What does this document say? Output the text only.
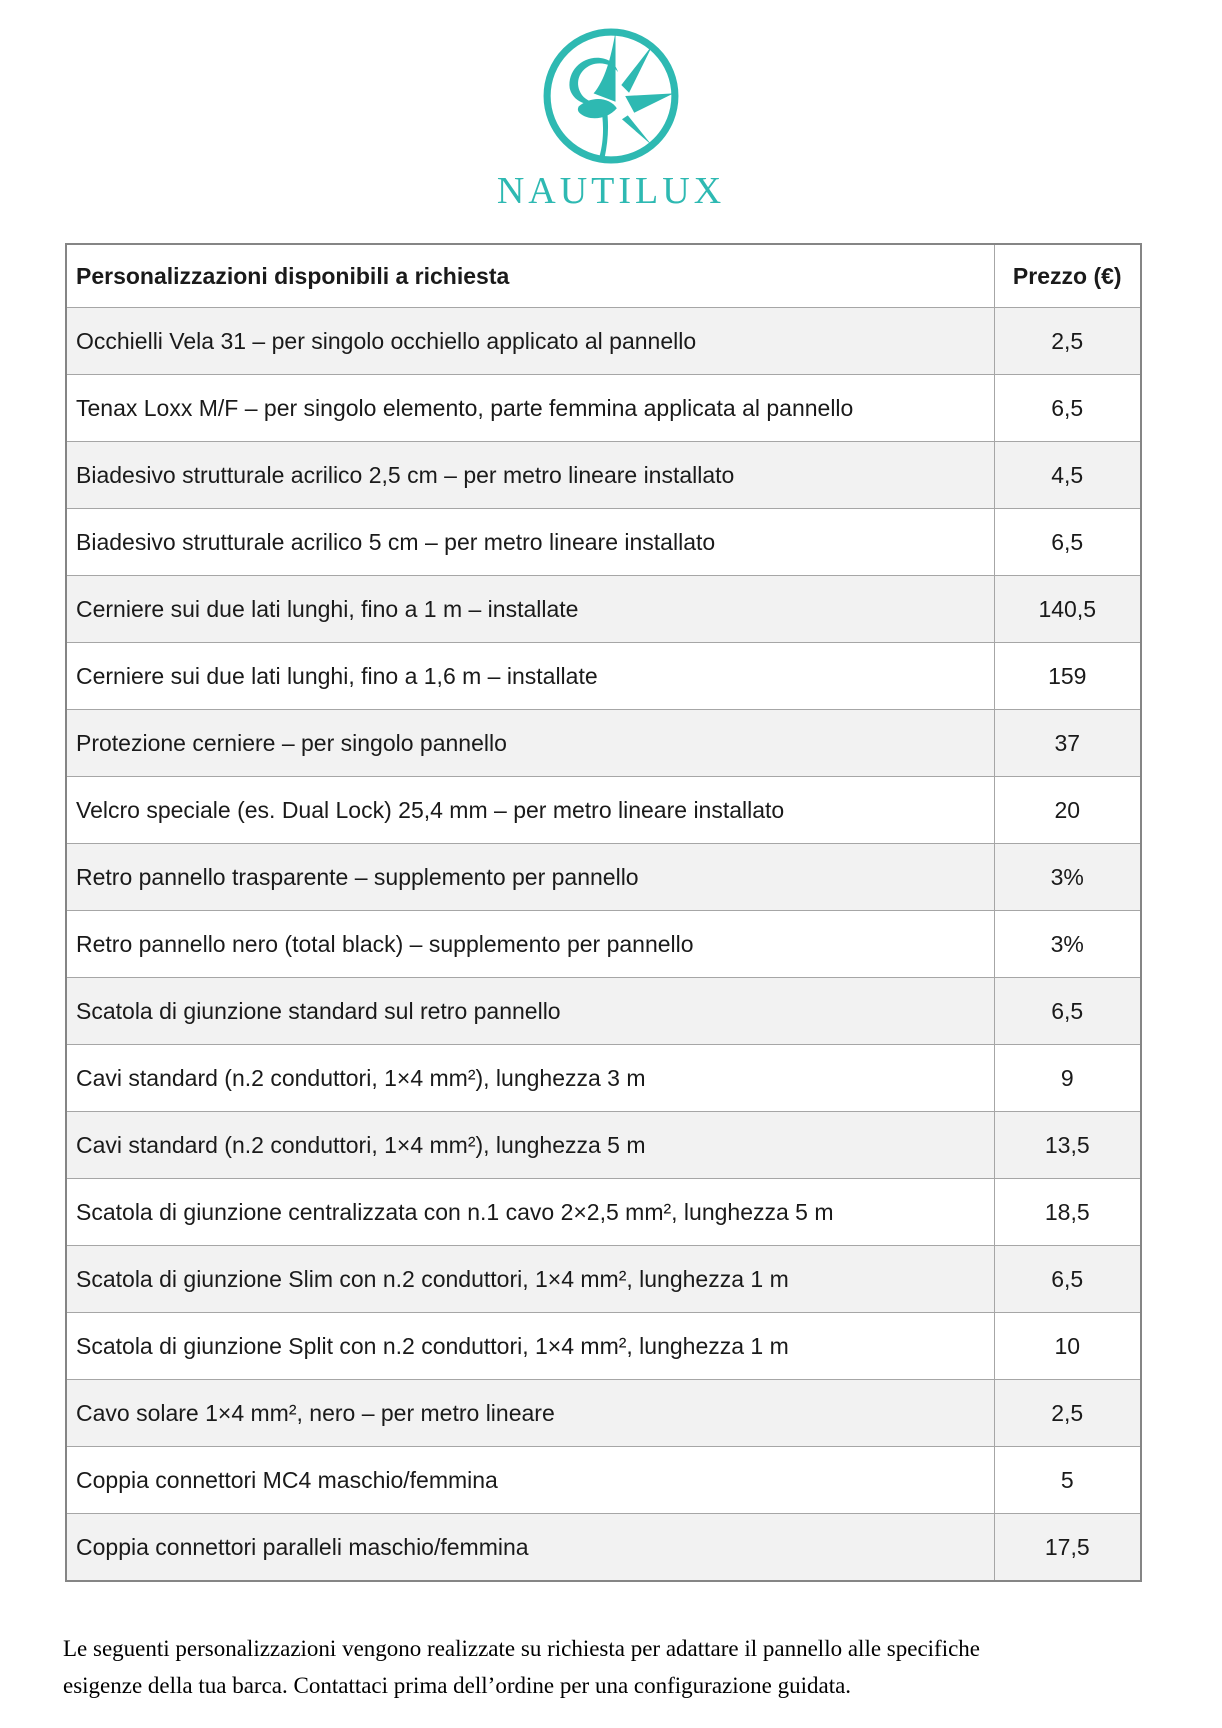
NAUTILUX
Personalizzazioni disponibili a richiesta	Prezzo (€)
Occhielli Vela 31 – per singolo occhiello applicato al pannello	2,5
Tenax Loxx M/F – per singolo elemento, parte femmina applicata al pannello	6,5
Biadesivo strutturale acrilico 2,5 cm – per metro lineare installato	4,5
Biadesivo strutturale acrilico 5 cm – per metro lineare installato	6,5
Cerniere sui due lati lunghi, fino a 1 m – installate	140,5
Cerniere sui due lati lunghi, fino a 1,6 m – installate	159
Protezione cerniere – per singolo pannello	37
Velcro speciale (es. Dual Lock) 25,4 mm – per metro lineare installato	20
Retro pannello trasparente – supplemento per pannello	3%
Retro pannello nero (total black) – supplemento per pannello	3%
Scatola di giunzione standard sul retro pannello	6,5
Cavi standard (n.2 conduttori, 1×4 mm²), lunghezza 3 m	9
Cavi standard (n.2 conduttori, 1×4 mm²), lunghezza 5 m	13,5
Scatola di giunzione centralizzata con n.1 cavo 2×2,5 mm², lunghezza 5 m	18,5
Scatola di giunzione Slim con n.2 conduttori, 1×4 mm², lunghezza 1 m	6,5
Scatola di giunzione Split con n.2 conduttori, 1×4 mm², lunghezza 1 m	10
Cavo solare 1×4 mm², nero – per metro lineare	2,5
Coppia connettori MC4 maschio/femmina	5
Coppia connettori paralleli maschio/femmina	17,5

Le seguenti personalizzazioni vengono realizzate su richiesta per adattare il pannello alle specifiche esigenze della tua barca. Contattaci prima dell’ordine per una configurazione guidata.
